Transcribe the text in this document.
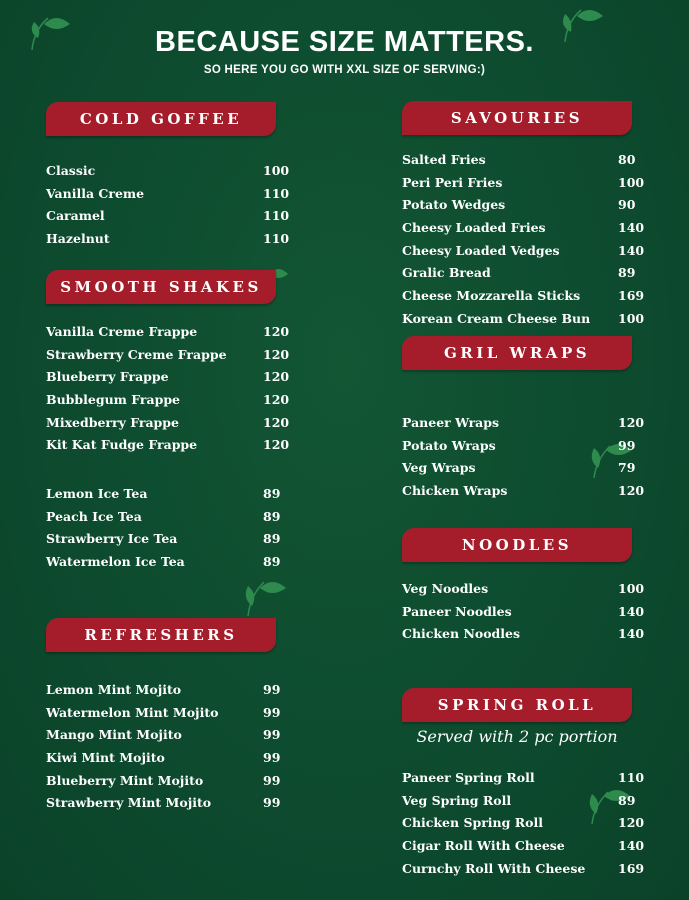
BECAUSE SIZE MATTERS.
SO HERE YOU GO WITH XXL SIZE OF SERVING:)
COLD GOFFEE
Classic	100
Vanilla Creme	110
Caramel	110
Hazelnut	110
SMOOTH SHAKES
Vanilla Creme Frappe	120
Strawberry Creme Frappe	120
Blueberry Frappe	120
Bubblegum Frappe	120
Mixedberry Frappe	120
Kit Kat Fudge Frappe	120
Lemon Ice Tea	89
Peach Ice Tea	89
Strawberry Ice Tea	89
Watermelon Ice Tea	89
REFRESHERS
Lemon Mint Mojito	99
Watermelon Mint Mojito	99
Mango Mint Mojito	99
Kiwi Mint Mojito	99
Blueberry Mint Mojito	99
Strawberry Mint Mojito	99
SAVOURIES
Salted Fries	80
Peri Peri Fries	100
Potato Wedges	90
Cheesy Loaded Fries	140
Cheesy Loaded Vedges	140
Gralic Bread	89
Cheese Mozzarella Sticks	169
Korean Cream Cheese Bun 100
GRIL WRAPS
Paneer Wraps	120
Potato Wraps	99
Veg Wraps	79
Chicken Wraps	120
NOODLES
Veg Noodles	100
Paneer Noodles	140
Chicken Noodles	140
SPRING ROLL
Served with 2 pc portion
Paneer Spring Roll	110
Veg Spring Roll	89
Chicken Spring Roll	120
Cigar Roll With Cheese	140
Curnchy Roll With Cheese	169
